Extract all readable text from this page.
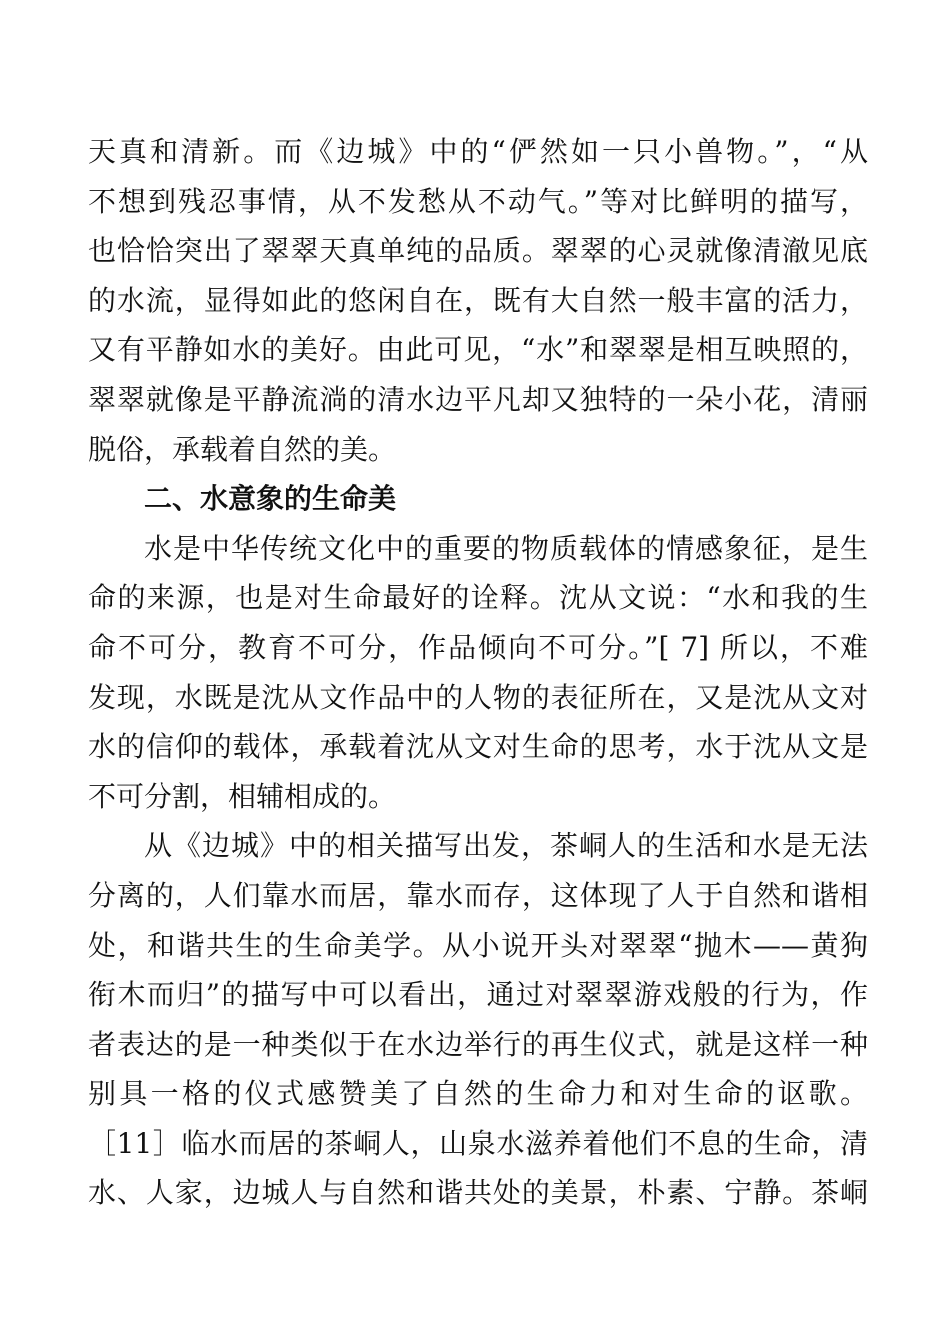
天真和清新。而《边城》中的“俨然如一只小兽物。”，“从
不想到残忍事情，从不发愁从不动气。”等对比鲜明的描写，
也恰恰突出了翠翠天真单纯的品质。翠翠的心灵就像清澈见底
的水流，显得如此的悠闲自在，既有大自然一般丰富的活力，
又有平静如水的美好。由此可见，“水”和翠翠是相互映照的，
翠翠就像是平静流淌的清水边平凡却又独特的一朵小花，清丽
脱俗，承载着自然的美。
二、水意象的生命美
水是中华传统文化中的重要的物质载体的情感象征，是生
命的来源，也是对生命最好的诠释。沈从文说：“水和我的生
命不可分，教育不可分，作品倾向不可分。”[ 7] 所以，不难
发现，水既是沈从文作品中的人物的表征所在，又是沈从文对
水的信仰的载体，承载着沈从文对生命的思考，水于沈从文是
不可分割，相辅相成的。
从《边城》中的相关描写出发，茶峒人的生活和水是无法
分离的，人们靠水而居，靠水而存，这体现了人于自然和谐相
处，和谐共生的生命美学。从小说开头对翠翠“抛木——黄狗
衔木而归”的描写中可以看出，通过对翠翠游戏般的行为，作
者表达的是一种类似于在水边举行的再生仪式，就是这样一种
别具一格的仪式感赞美了自然的生命力和对生命的讴歌。
［11］临水而居的茶峒人，山泉水滋养着他们不息的生命，清
水、人家，边城人与自然和谐共处的美景，朴素、宁静。茶峒
